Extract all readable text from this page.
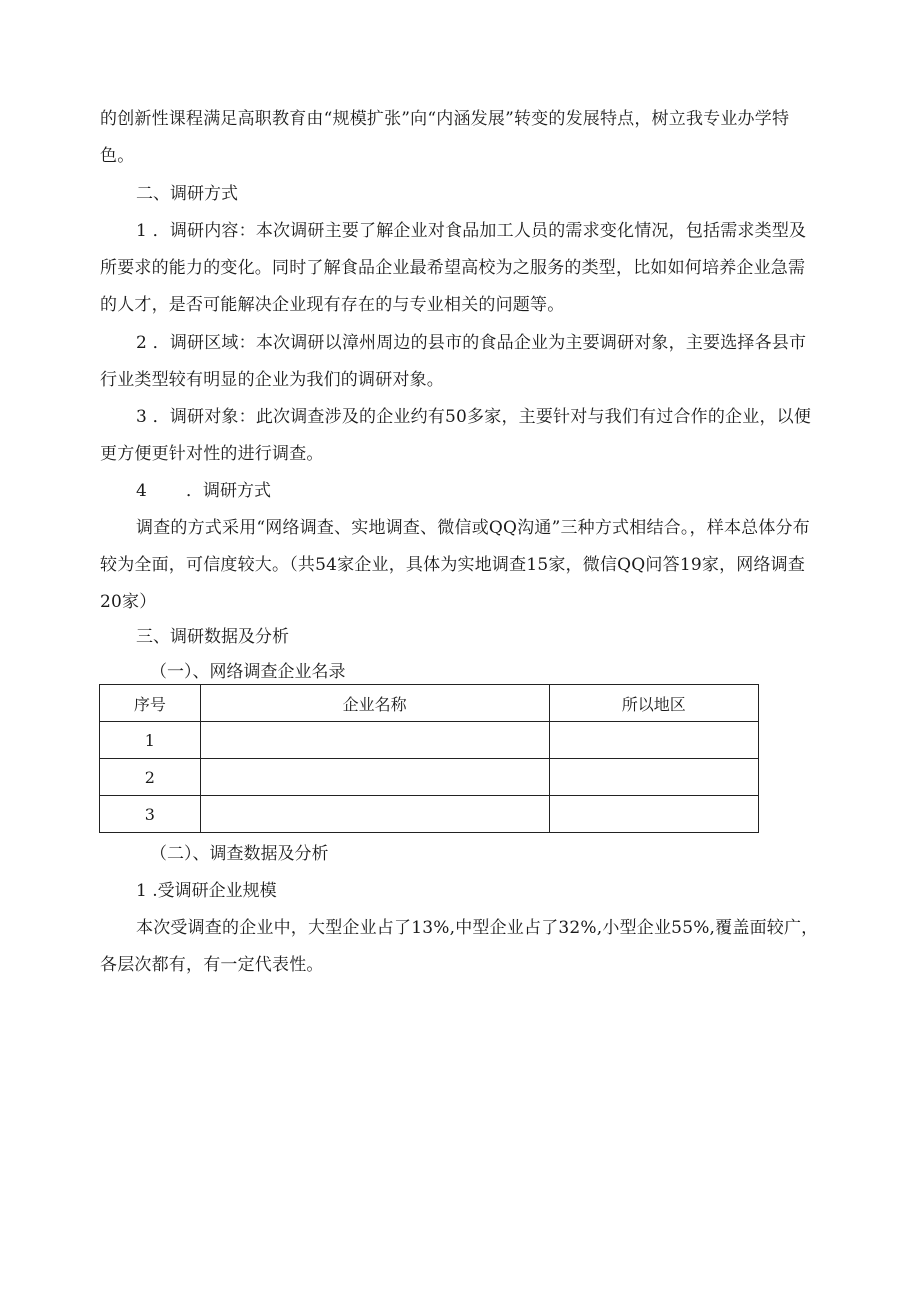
的创新性课程满足高职教育由“规模扩张”向“内涵发展”转变的发展特点，树立我专业办学特色。

二、调研方式

1 ．调研内容：本次调研主要了解企业对食品加工人员的需求变化情况，包括需求类型及所要求的能力的变化。同时了解食品企业最希望高校为之服务的类型，比如如何培养企业急需的人才，是否可能解决企业现有存在的与专业相关的问题等。

2 ．调研区域：本次调研以漳州周边的县市的食品企业为主要调研对象，主要选择各县市行业类型较有明显的企业为我们的调研对象。

3 ．调研对象：此次调查涉及的企业约有50多家，主要针对与我们有过合作的企业，以便更方便更针对性的进行调查。

4 ．调研方式

调查的方式采用“网络调查、实地调查、微信或QQ沟通”三种方式相结合。，样本总体分布较为全面，可信度较大。（共54家企业，具体为实地调查15家，微信QQ问答19家，网络调查20家）

三、调研数据及分析

（一）、网络调查企业名录

序号	企业名称	所以地区
1		
2		
3		

（二）、调查数据及分析

1 .受调研企业规模

本次受调查的企业中，大型企业占了13%,中型企业占了32%,小型企业55%,覆盖面较广，各层次都有，有一定代表性。
